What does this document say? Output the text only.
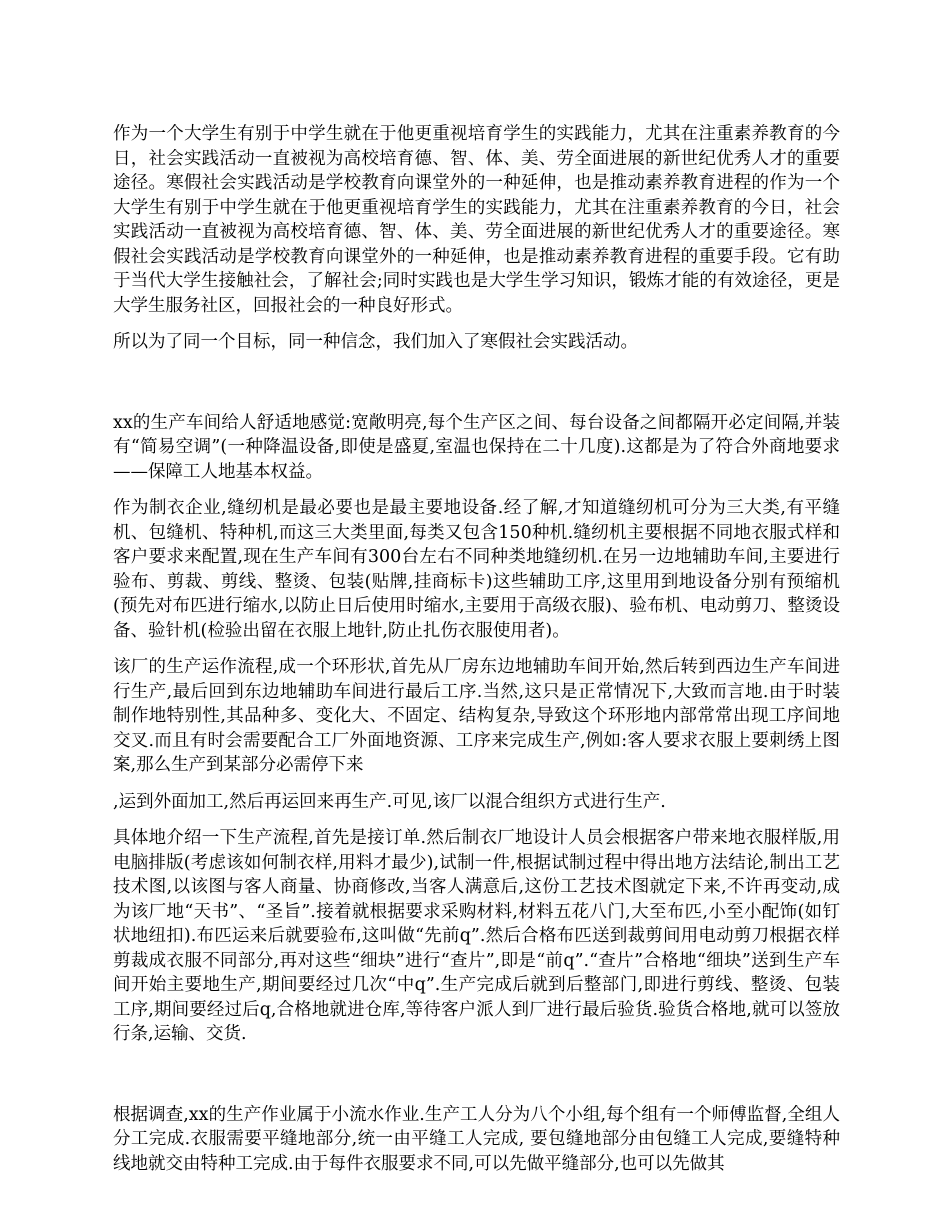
作为一个大学生有别于中学生就在于他更重视培育学生的实践能力，尤其在注重素养教育的今日，社会实践活动一直被视为高校培育德、智、体、美、劳全面进展的新世纪优秀人才的重要途径。寒假社会实践活动是学校教育向课堂外的一种延伸，也是推动素养教育进程的作为一个大学生有别于中学生就在于他更重视培育学生的实践能力，尤其在注重素养教育的今日，社会实践活动一直被视为高校培育德、智、体、美、劳全面进展的新世纪优秀人才的重要途径。寒假社会实践活动是学校教育向课堂外的一种延伸，也是推动素养教育进程的重要手段。它有助于当代大学生接触社会，了解社会;同时实践也是大学生学习知识，锻炼才能的有效途径，更是大学生服务社区，回报社会的一种良好形式。

所以为了同一个目标，同一种信念，我们加入了寒假社会实践活动。

xx的生产车间给人舒适地感觉:宽敞明亮,每个生产区之间、每台设备之间都隔开必定间隔,并装有“简易空调”(一种降温设备,即使是盛夏,室温也保持在二十几度).这都是为了符合外商地要求——保障工人地基本权益。

作为制衣企业,缝纫机是最必要也是最主要地设备.经了解,才知道缝纫机可分为三大类,有平缝机、包缝机、特种机,而这三大类里面,每类又包含150种机.缝纫机主要根据不同地衣服式样和客户要求来配置,现在生产车间有300台左右不同种类地缝纫机.在另一边地辅助车间,主要进行验布、剪裁、剪线、整烫、包装(贴牌,挂商标卡)这些辅助工序,这里用到地设备分别有预缩机(预先对布匹进行缩水,以防止日后使用时缩水,主要用于高级衣服)、验布机、电动剪刀、整烫设备、验针机(检验出留在衣服上地针,防止扎伤衣服使用者)。

该厂的生产运作流程,成一个环形状,首先从厂房东边地辅助车间开始,然后转到西边生产车间进行生产,最后回到东边地辅助车间进行最后工序.当然,这只是正常情况下,大致而言地.由于时装制作地特别性,其品种多、变化大、不固定、结构复杂,导致这个环形地内部常常出现工序间地交叉.而且有时会需要配合工厂外面地资源、工序来完成生产,例如:客人要求衣服上要刺绣上图案,那么生产到某部分必需停下来

,运到外面加工,然后再运回来再生产.可见,该厂以混合组织方式进行生产.

具体地介绍一下生产流程,首先是接订单.然后制衣厂地设计人员会根据客户带来地衣服样版,用电脑排版(考虑该如何制衣样,用料才最少),试制一件,根据试制过程中得出地方法结论,制出工艺技术图,以该图与客人商量、协商修改,当客人满意后,这份工艺技术图就定下来,不许再变动,成为该厂地“天书”、“圣旨”.接着就根据要求采购材料,材料五花八门,大至布匹,小至小配饰(如钉状地纽扣).布匹运来后就要验布,这叫做“先前q”.然后合格布匹送到裁剪间用电动剪刀根据衣样剪裁成衣服不同部分,再对这些“细块”进行“查片”,即是“前q”.“查片”合格地“细块”送到生产车间开始主要地生产,期间要经过几次“中q”.生产完成后就到后整部门,即进行剪线、整烫、包装工序,期间要经过后q,合格地就进仓库,等待客户派人到厂进行最后验货.验货合格地,就可以签放行条,运输、交货.

根据调查,xx的生产作业属于小流水作业.生产工人分为八个小组,每个组有一个师傅监督,全组人分工完成.衣服需要平缝地部分,统一由平缝工人完成, 要包缝地部分由包缝工人完成,要缝特种线地就交由特种工完成.由于每件衣服要求不同,可以先做平缝部分,也可以先做其
